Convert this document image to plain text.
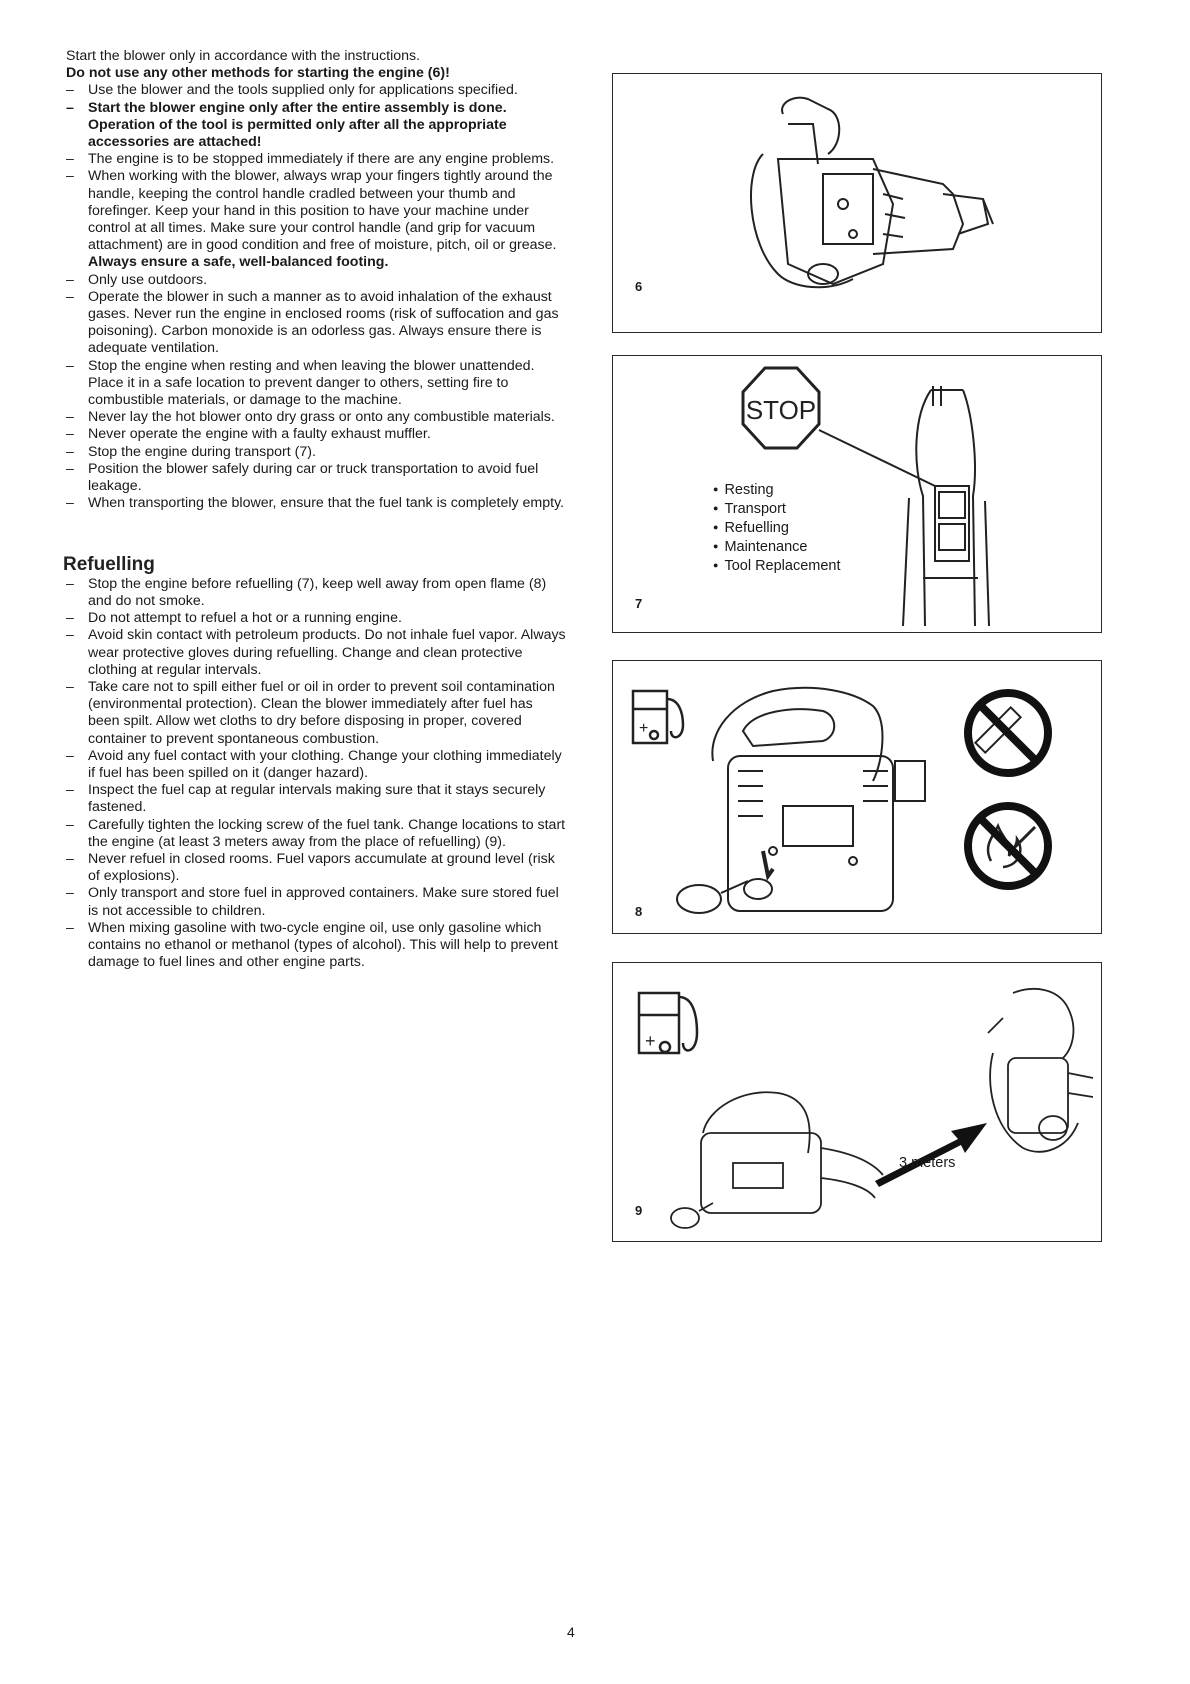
Start the blower only in accordance with the instructions.

Do not use any other methods for starting the engine (6)!

– Use the blower and the tools supplied only for applications specified.
– Start the blower engine only after the entire assembly is done. Operation of the tool is permitted only after all the appropriate accessories are attached!
– The engine is to be stopped immediately if there are any engine problems.
– When working with the blower, always wrap your fingers tightly around the handle, keeping the control handle cradled between your thumb and forefinger. Keep your hand in this position to have your machine under control at all times. Make sure your control handle (and grip for vacuum attachment) are in good condition and free of moisture, pitch, oil or grease.

Always ensure a safe, well-balanced footing.

– Only use outdoors.
– Operate the blower in such a manner as to avoid inhalation of the exhaust gases. Never run the engine in enclosed rooms (risk of suffocation and gas poisoning). Carbon monoxide is an odorless gas. Always ensure there is adequate ventilation.
– Stop the engine when resting and when leaving the blower unattended. Place it in a safe location to prevent danger to others, setting fire to combustible materials, or damage to the machine.
– Never lay the hot blower onto dry grass or onto any combustible materials.
– Never operate the engine with a faulty exhaust muffler.
– Stop the engine during transport (7).
– Position the blower safely during car or truck transportation to avoid fuel leakage.
– When transporting the blower, ensure that the fuel tank is completely empty.
Refuelling
– Stop the engine before refuelling (7), keep well away from open flame (8) and do not smoke.
– Do not attempt to refuel a hot or a running engine.
– Avoid skin contact with petroleum products. Do not inhale fuel vapor. Always wear protective gloves during refuelling. Change and clean protective clothing at regular intervals.
– Take care not to spill either fuel or oil in order to prevent soil contamination (environmental protection). Clean the blower immediately after fuel has been spilt. Allow wet cloths to dry before disposing in proper, covered container to prevent spontaneous combustion.
– Avoid any fuel contact with your clothing. Change your clothing immediately if fuel has been spilled on it (danger hazard).
– Inspect the fuel cap at regular intervals making sure that it stays securely fastened.
– Carefully tighten the locking screw of the fuel tank. Change locations to start the engine (at least 3 meters away from the place of refuelling) (9).
– Never refuel in closed rooms. Fuel vapors accumulate at ground level (risk of explosions).
– Only transport and store fuel in approved containers. Make sure stored fuel is not accessible to children.
– When mixing gasoline with two-cycle engine oil, use only gasoline which contains no ethanol or methanol (types of alcohol). This will help to prevent damage to fuel lines and other engine parts.
6
STOP
● Resting
● Transport
● Refuelling
● Maintenance
● Tool Replacement
7
+
8
+
3 meters
9
4
